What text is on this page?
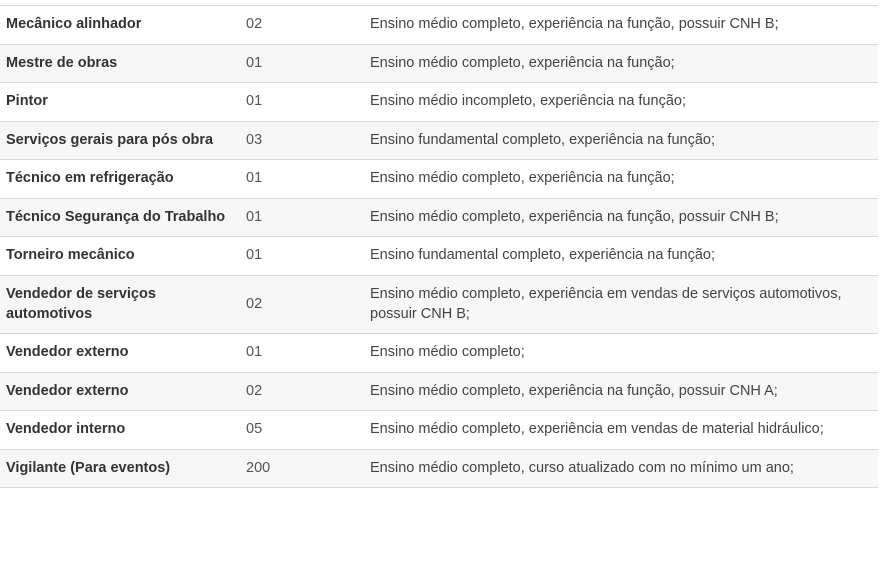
Mecânico alinhador	02	Ensino médio completo, experiência na função, possuir CNH B;
Mestre de obras	01	Ensino médio completo, experiência na função;
Pintor	01	Ensino médio incompleto, experiência na função;
Serviços gerais para pós obra	03	Ensino fundamental completo, experiência na função;
Técnico em refrigeração	01	Ensino médio completo, experiência na função;
Técnico Segurança do Trabalho	01	Ensino médio completo, experiência na função, possuir CNH B;
Torneiro mecânico	01	Ensino fundamental completo, experiência na função;
Vendedor de serviços automotivos	02	Ensino médio completo, experiência em vendas de serviços automotivos, possuir CNH B;
Vendedor externo	01	Ensino médio completo;
Vendedor externo	02	Ensino médio completo, experiência na função, possuir CNH A;
Vendedor interno	05	Ensino médio completo, experiência em vendas de material hidráulico;
Vigilante (Para eventos)	200	Ensino médio completo, curso atualizado com no mínimo um ano;
